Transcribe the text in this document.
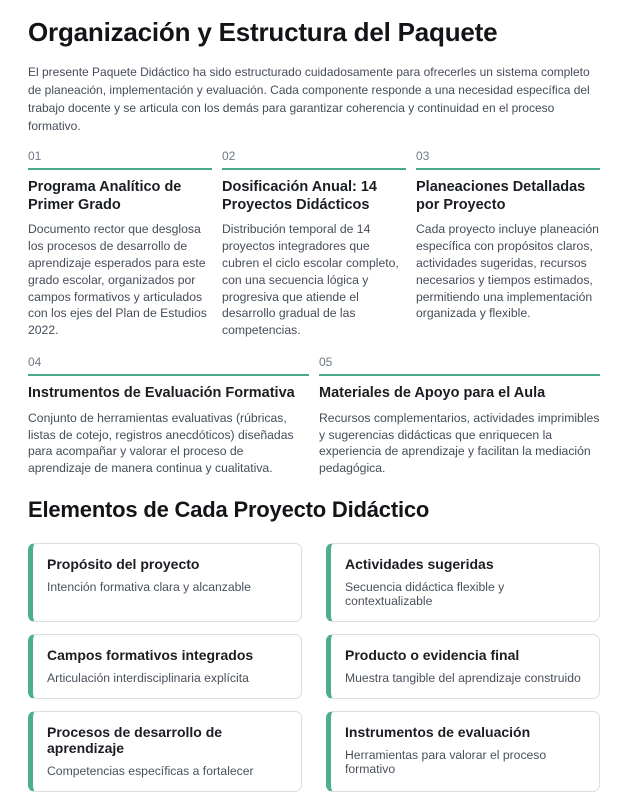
Organización y Estructura del Paquete

El presente Paquete Didáctico ha sido estructurado cuidadosamente para ofrecerles un sistema completo de planeación, implementación y evaluación. Cada componente responde a una necesidad específica del trabajo docente y se articula con los demás para garantizar coherencia y continuidad en el proceso formativo.

01
Programa Analítico de Primer Grado

Documento rector que desglosa los procesos de desarrollo de aprendizaje esperados para este grado escolar, organizados por campos formativos y articulados con los ejes del Plan de Estudios 2022.

02
Dosificación Anual: 14 Proyectos Didácticos

Distribución temporal de 14 proyectos integradores que cubren el ciclo escolar completo, con una secuencia lógica y progresiva que atiende el desarrollo gradual de las competencias.

03
Planeaciones Detalladas por Proyecto

Cada proyecto incluye planeación específica con propósitos claros, actividades sugeridas, recursos necesarios y tiempos estimados, permitiendo una implementación organizada y flexible.

04
Instrumentos de Evaluación Formativa

Conjunto de herramientas evaluativas (rúbricas, listas de cotejo, registros anecdóticos) diseñadas para acompañar y valorar el proceso de aprendizaje de manera continua y cualitativa.

05
Materiales de Apoyo para el Aula

Recursos complementarios, actividades imprimibles y sugerencias didácticas que enriquecen la experiencia de aprendizaje y facilitan la mediación pedagógica.

Elementos de Cada Proyecto Didáctico
Propósito del proyecto
Intención formativa clara y alcanzable
Actividades sugeridas
Secuencia didáctica flexible y contextualizable
Campos formativos integrados
Articulación interdisciplinaria explícita
Producto o evidencia final
Muestra tangible del aprendizaje construido
Procesos de desarrollo de aprendizaje
Competencias específicas a fortalecer
Instrumentos de evaluación
Herramientas para valorar el proceso formativo
